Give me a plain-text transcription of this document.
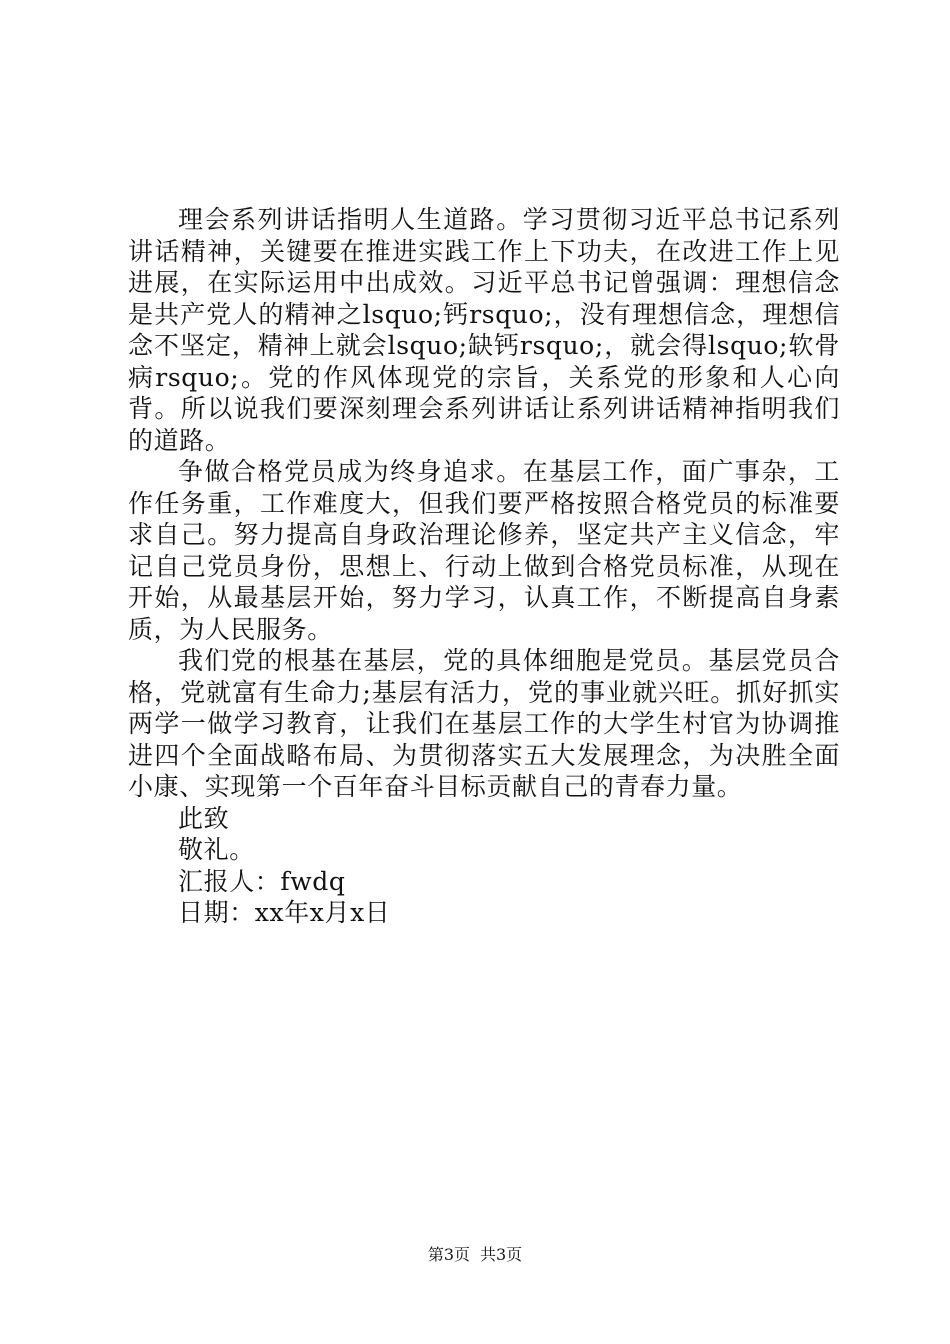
理会系列讲话指明人生道路。学习贯彻习近平总书记系列讲话精神，关键要在推进实践工作上下功夫，在改进工作上见进展，在实际运用中出成效。习近平总书记曾强调：理想信念是共产党人的精神之lsquo;钙rsquo;，没有理想信念，理想信念不坚定，精神上就会lsquo;缺钙rsquo;，就会得lsquo;软骨病rsquo;。党的作风体现党的宗旨，关系党的形象和人心向背。所以说我们要深刻理会系列讲话让系列讲话精神指明我们的道路。

争做合格党员成为终身追求。在基层工作，面广事杂，工作任务重，工作难度大，但我们要严格按照合格党员的标准要求自己。努力提高自身政治理论修养，坚定共产主义信念，牢记自己党员身份，思想上、行动上做到合格党员标准，从现在开始，从最基层开始，努力学习，认真工作，不断提高自身素质，为人民服务。

我们党的根基在基层，党的具体细胞是党员。基层党员合格，党就富有生命力;基层有活力，党的事业就兴旺。抓好抓实两学一做学习教育，让我们在基层工作的大学生村官为协调推进四个全面战略布局、为贯彻落实五大发展理念，为决胜全面小康、实现第一个百年奋斗目标贡献自己的青春力量。

此致

敬礼。

汇报人：fwdq

日期：xx年x月x日

第3页 共3页
